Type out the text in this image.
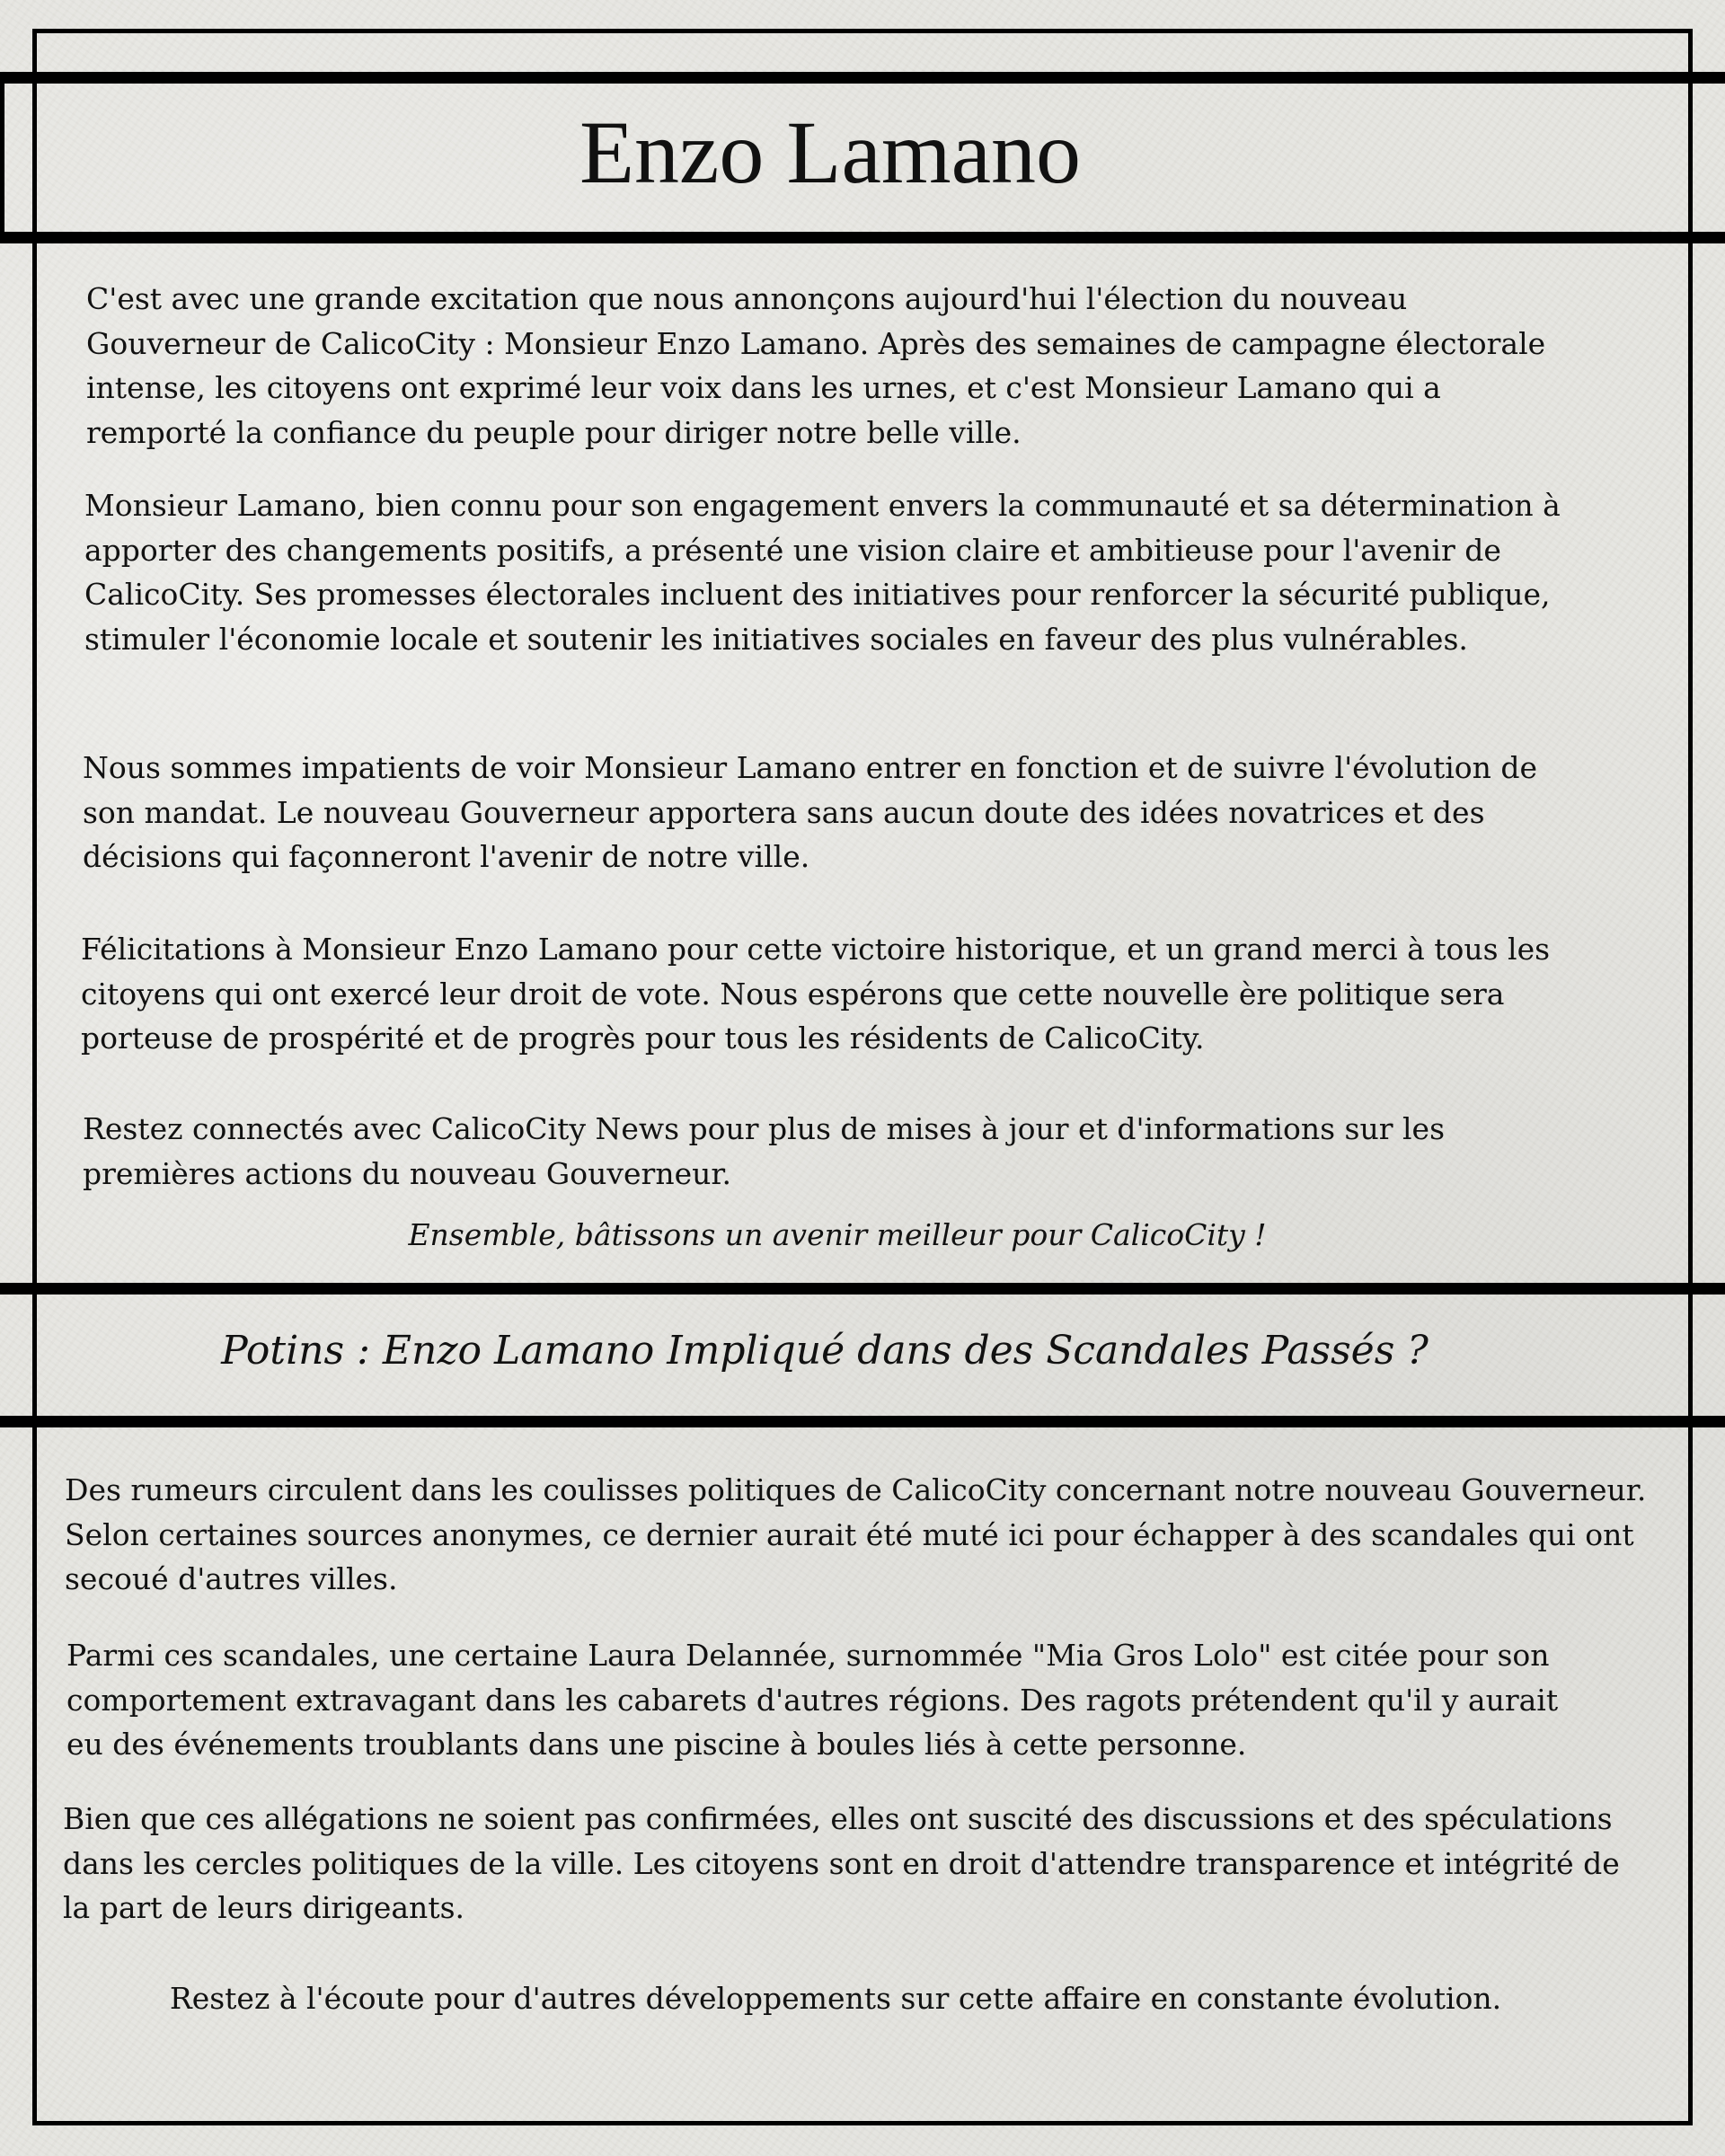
Enzo Lamano

C'est avec une grande excitation que nous annonçons aujourd'hui l'élection du nouveau Gouverneur de CalicoCity : Monsieur Enzo Lamano. Après des semaines de campagne électorale intense, les citoyens ont exprimé leur voix dans les urnes, et c'est Monsieur Lamano qui a remporté la confiance du peuple pour diriger notre belle ville.

Monsieur Lamano, bien connu pour son engagement envers la communauté et sa détermination à apporter des changements positifs, a présenté une vision claire et ambitieuse pour l'avenir de CalicoCity. Ses promesses électorales incluent des initiatives pour renforcer la sécurité publique, stimuler l'économie locale et soutenir les initiatives sociales en faveur des plus vulnérables.

Nous sommes impatients de voir Monsieur Lamano entrer en fonction et de suivre l'évolution de son mandat. Le nouveau Gouverneur apportera sans aucun doute des idées novatrices et des décisions qui façonneront l'avenir de notre ville.

Félicitations à Monsieur Enzo Lamano pour cette victoire historique, et un grand merci à tous les citoyens qui ont exercé leur droit de vote. Nous espérons que cette nouvelle ère politique sera porteuse de prospérité et de progrès pour tous les résidents de CalicoCity.

Restez connectés avec CalicoCity News pour plus de mises à jour et d'informations sur les premières actions du nouveau Gouverneur.

Ensemble, bâtissons un avenir meilleur pour CalicoCity !

Potins : Enzo Lamano Impliqué dans des Scandales Passés ?

Des rumeurs circulent dans les coulisses politiques de CalicoCity concernant notre nouveau Gouverneur. Selon certaines sources anonymes, ce dernier aurait été muté ici pour échapper à des scandales qui ont secoué d'autres villes.

Parmi ces scandales, une certaine Laura Delannée, surnommée "Mia Gros Lolo" est citée pour son comportement extravagant dans les cabarets d'autres régions. Des ragots prétendent qu'il y aurait eu des événements troublants dans une piscine à boules liés à cette personne.

Bien que ces allégations ne soient pas confirmées, elles ont suscité des discussions et des spéculations dans les cercles politiques de la ville. Les citoyens sont en droit d'attendre transparence et intégrité de la part de leurs dirigeants.

Restez à l'écoute pour d'autres développements sur cette affaire en constante évolution.
